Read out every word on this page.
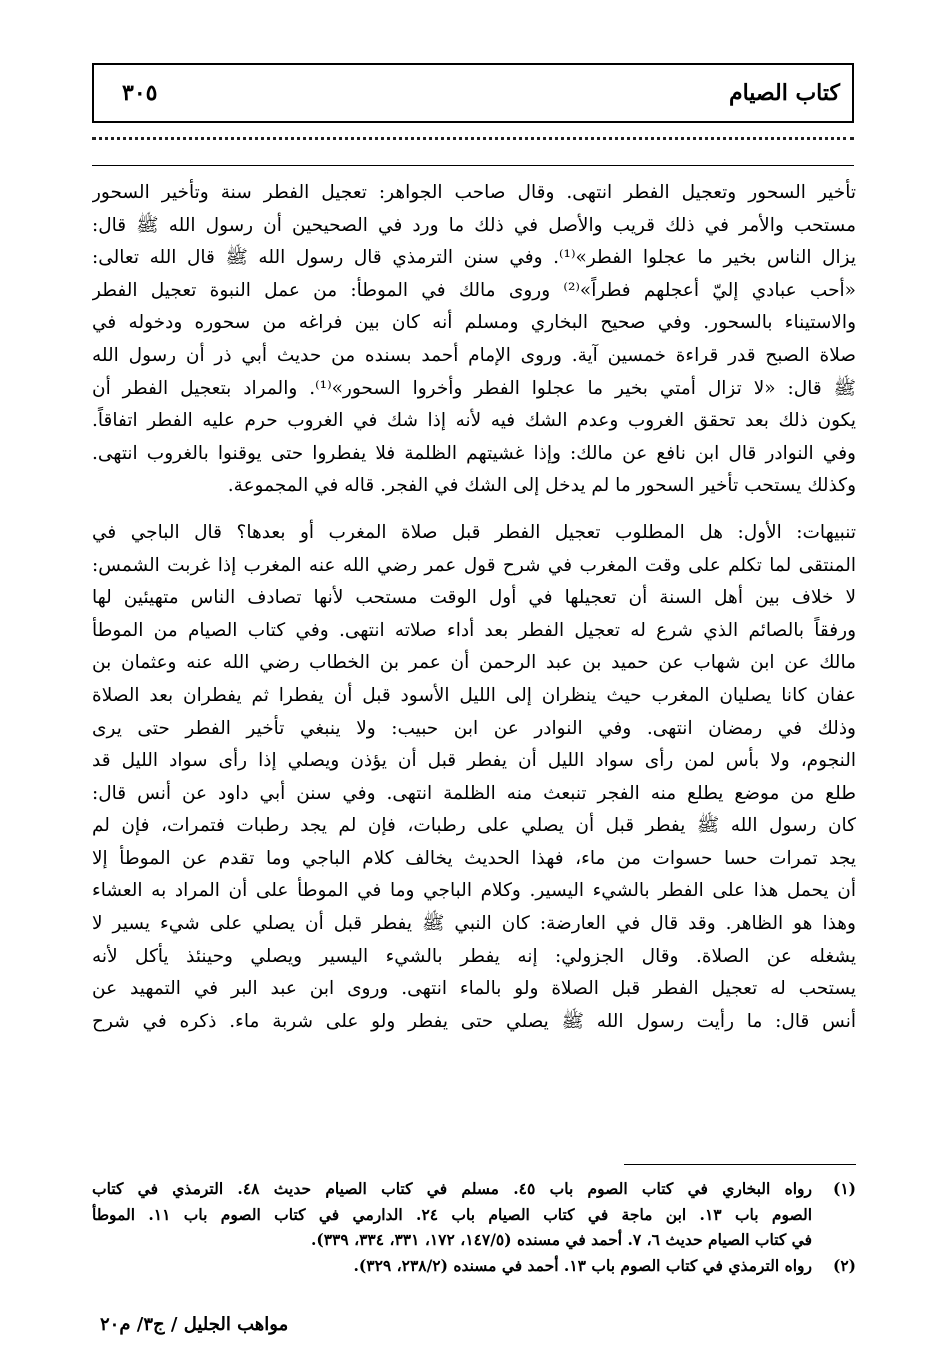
كتاب الصيام
٣٠٥
تأخير السحور وتعجيل الفطر انتهى. وقال صاحب الجواهر: تعجيل الفطر سنة وتأخير السحور
مستحب والأمر في ذلك قريب والأصل في ذلك ما ورد في الصحيحين أن رسول الله ﷺ قال:
يزال الناس بخير ما عجلوا الفطر»⁽¹⁾. وفي سنن الترمذي قال رسول الله ﷺ قال الله تعالى:
«أحب عبادي إليّ أعجلهم فطراً»⁽²⁾ وروى مالك في الموطأ: من عمل النبوة تعجيل الفطر
والاستيناء بالسحور. وفي صحيح البخاري ومسلم أنه كان بين فراغه من سحوره ودخوله في
صلاة الصبح قدر قراءة خمسين آية. وروى الإمام أحمد بسنده من حديث أبي ذر أن رسول الله
ﷺ قال: «لا تزال أمتي بخير ما عجلوا الفطر وأخروا السحور»⁽¹⁾. والمراد بتعجيل الفطر أن
يكون ذلك بعد تحقق الغروب وعدم الشك فيه لأنه إذا شك في الغروب حرم عليه الفطر اتفاقاً.
وفي النوادر قال ابن نافع عن مالك: وإذا غشيتهم الظلمة فلا يفطروا حتى يوقنوا بالغروب انتهى.
وكذلك يستحب تأخير السحور ما لم يدخل إلى الشك في الفجر. قاله في المجموعة.
تنبيهات: الأول: هل المطلوب تعجيل الفطر قبل صلاة المغرب أو بعدها؟ قال الباجي في
المنتقى لما تكلم على وقت المغرب في شرح قول عمر رضي الله عنه المغرب إذا غربت الشمس:
لا خلاف بين أهل السنة أن تعجيلها في أول الوقت مستحب لأنها تصادف الناس متهيئين لها
ورفقاً بالصائم الذي شرع له تعجيل الفطر بعد أداء صلاته انتهى. وفي كتاب الصيام من الموطأ
مالك عن ابن شهاب عن حميد بن عبد الرحمن أن عمر بن الخطاب رضي الله عنه وعثمان بن
عفان كانا يصليان المغرب حيث ينظران إلى الليل الأسود قبل أن يفطرا ثم يفطران بعد الصلاة
وذلك في رمضان انتهى. وفي النوادر عن ابن حبيب: ولا ينبغي تأخير الفطر حتى يرى
النجوم، ولا بأس لمن رأى سواد الليل أن يفطر قبل أن يؤذن ويصلي إذا رأى سواد الليل قد
طلع من موضع يطلع منه الفجر تنبعث منه الظلمة انتهى. وفي سنن أبي داود عن أنس قال:
كان رسول الله ﷺ يفطر قبل أن يصلي على رطبات، فإن لم يجد رطبات فتمرات، فإن لم
يجد تمرات حسا حسوات من ماء، فهذا الحديث يخالف كلام الباجي وما تقدم عن الموطأ إلا
أن يحمل هذا على الفطر بالشيء اليسير. وكلام الباجي وما في الموطأ على أن المراد به العشاء
وهذا هو الظاهر. وقد قال في العارضة: كان النبي ﷺ يفطر قبل أن يصلي على شيء يسير لا
يشغله عن الصلاة. وقال الجزولي: إنه يفطر بالشيء اليسير ويصلي وحينئذ يأكل لأنه
يستحب له تعجيل الفطر قبل الصلاة ولو بالماء انتهى. وروى ابن عبد البر في التمهيد عن
أنس قال: ما رأيت رسول الله ﷺ يصلي حتى يفطر ولو على شربة ماء. ذكره في شرح
(١)
رواه البخاري في كتاب الصوم باب ٤٥. مسلم في كتاب الصيام حديث ٤٨. الترمذي في كتاب
الصوم باب ١٣. ابن ماجة في كتاب الصيام باب ٢٤. الدارمي في كتاب الصوم باب ١١. الموطأ
في كتاب الصيام حديث ٦، ٧. أحمد في مسنده (١٤٧/٥، ١٧٢، ٣٣١، ٣٣٤، ٣٣٩).
(٢)
رواه الترمذي في كتاب الصوم باب ١٣. أحمد في مسنده (٢٣٨/٢، ٣٢٩).
مواهب الجليل / ج٣/ م٢٠
